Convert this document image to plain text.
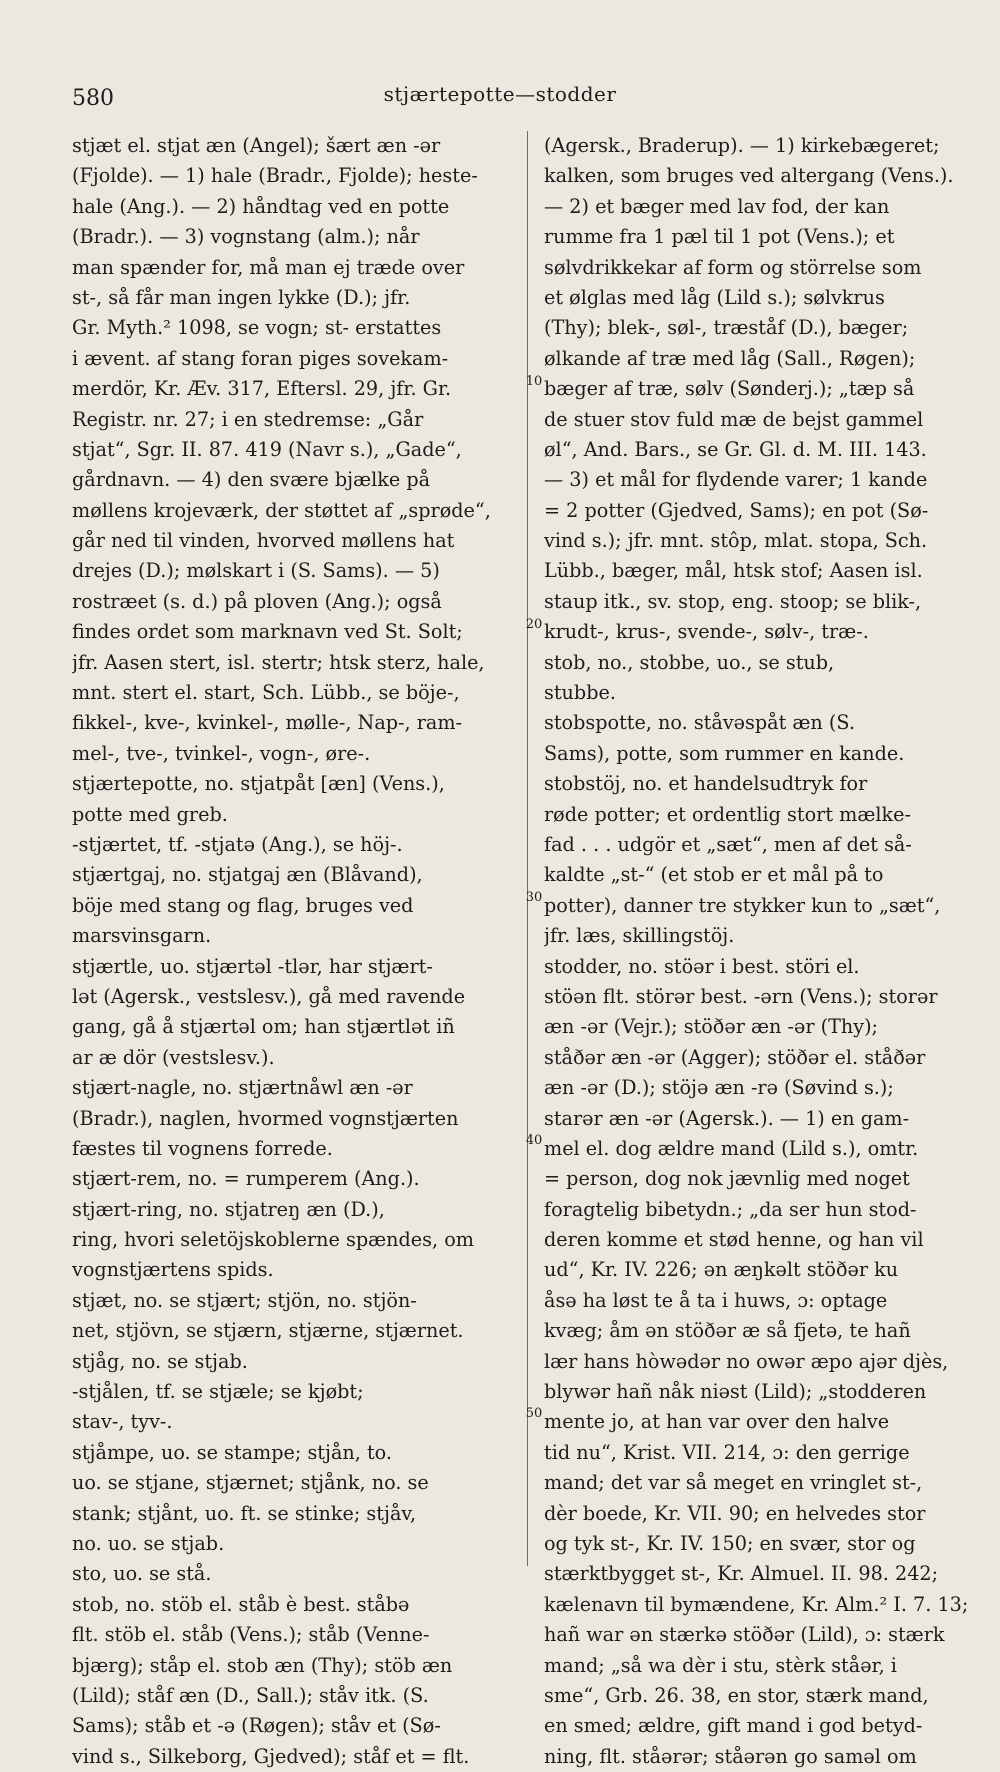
580	stjærtepotte—stodder
stjæt el. stjat æn (Angel); šært æn -ər
(Fjolde). — 1) hale (Bradr., Fjolde); heste-
hale (Ang.). — 2) håndtag ved en potte
(Bradr.). — 3) vognstang (alm.); når
man spænder for, må man ej træde over
st-, så får man ingen lykke (D.); jfr.
Gr. Myth.² 1098, se vogn; st- erstattes
i ævent. af stang foran piges sovekam-
merdör, Kr. Æv. 317, Eftersl. 29, jfr. Gr.
Registr. nr. 27; i en stedremse: „Går
stjat“, Sgr. II. 87. 419 (Navr s.), „Gade“,
gårdnavn. — 4) den svære bjælke på
møllens krojeværk, der støttet af „sprøde“,
går ned til vinden, hvorved møllens hat
drejes (D.); mølskart i (S. Sams). — 5)
rostræet (s. d.) på ploven (Ang.); også
findes ordet som marknavn ved St. Solt;
jfr. Aasen stert, isl. stertr; htsk sterz, hale,
mnt. stert el. start, Sch. Lübb., se böje-,
fikkel-, kve-, kvinkel-, mølle-, Nap-, ram-
mel-, tve-, tvinkel-, vogn-, øre-.
stjærtepotte, no. stjatpåt [æn] (Vens.),
potte med greb.
-stjærtet, tf. -stjatə (Ang.), se höj-.
stjærtgaj, no. stjatgaj æn (Blåvand),
böje med stang og flag, bruges ved
marsvinsgarn.
stjærtle, uo. stjærtəl -tlər, har stjært-
lət (Agersk., vestslesv.), gå med ravende
gang, gå å stjærtəl om; han stjærtlət iñ
ar æ dör (vestslesv.).
stjært-nagle, no. stjærtnåwl æn -ər
(Bradr.), naglen, hvormed vognstjærten
fæstes til vognens forrede.
stjært-rem, no. = rumperem (Ang.).
stjært-ring, no. stjatreŋ æn (D.),
ring, hvori seletöjskoblerne spændes, om
vognstjærtens spids.
stjæt, no. se stjært; stjön, no. stjön-
net, stjövn, se stjærn, stjærne, stjærnet.
stjåg, no. se stjab.
-stjålen, tf. se stjæle; se kjøbt;
stav-, tyv-.
stjåmpe, uo. se stampe; stjån, to.
uo. se stjane, stjærnet; stjånk, no. se
stank; stjånt, uo. ft. se stinke; stjåv,
no. uo. se stjab.
sto, uo. se stå.
stob, no. stöb el. ståb è best. ståbə
flt. stöb el. ståb (Vens.); ståb (Venne-
bjærg); ståp el. stob æn (Thy); stöb æn
(Lild); ståf æn (D., Sall.); ståv itk. (S.
Sams); ståb et -ə (Røgen); ståv et (Sø-
vind s., Silkeborg, Gjedved); ståf et = flt.
(Agersk., Braderup). — 1) kirkebægeret;
kalken, som bruges ved altergang (Vens.).
— 2) et bæger med lav fod, der kan
rumme fra 1 pæl til 1 pot (Vens.); et
sølvdrikkekar af form og störrelse som
et ølglas med låg (Lild s.); sølvkrus
(Thy); blek-, søl-, træståf (D.), bæger;
ølkande af træ med låg (Sall., Røgen);
bæger af træ, sølv (Sønderj.); „tæp så
de stuer stov fuld mæ de bejst gammel
øl“, And. Bars., se Gr. Gl. d. M. III. 143.
— 3) et mål for flydende varer; 1 kande
= 2 potter (Gjedved, Sams); en pot (Sø-
vind s.); jfr. mnt. stôp, mlat. stopa, Sch.
Lübb., bæger, mål, htsk stof; Aasen isl.
staup itk., sv. stop, eng. stoop; se blik-,
krudt-, krus-, svende-, sølv-, træ-.
stob, no., stobbe, uo., se stub,
stubbe.
stobspotte, no. ståvəspåt æn (S.
Sams), potte, som rummer en kande.
stobstöj, no. et handelsudtryk for
røde potter; et ordentlig stort mælke-
fad . . . udgör et „sæt“, men af det så-
kaldte „st-“ (et stob er et mål på to
potter), danner tre stykker kun to „sæt“,
jfr. læs, skillingstöj.
stodder, no. stöər i best. störi el.
stöən flt. störər best. -ərn (Vens.); storər
æn -ər (Vejr.); stöðər æn -ər (Thy);
ståðər æn -ər (Agger); stöðər el. ståðər
æn -ər (D.); stöjə æn -rə (Søvind s.);
starər æn -ər (Agersk.). — 1) en gam-
mel el. dog ældre mand (Lild s.), omtr.
= person, dog nok jævnlig med noget
foragtelig bibetydn.; „da ser hun stod-
deren komme et stød henne, og han vil
ud“, Kr. IV. 226; ən æŋkəlt stöðər ku
åsə ha løst te å ta i huws, ɔ: optage
kvæg; åm ən stöðər æ så fjetə, te hañ
lær hans hòwədər no owər æpo ajər djès,
blywər hañ nåk niəst (Lild); „stodderen
mente jo, at han var over den halve
tid nu“, Krist. VII. 214, ɔ: den gerrige
mand; det var så meget en vringlet st-,
dèr boede, Kr. VII. 90; en helvedes stor
og tyk st-, Kr. IV. 150; en svær, stor og
stærktbygget st-, Kr. Almuel. II. 98. 242;
kælenavn til bymændene, Kr. Alm.² I. 7. 13;
hañ war ən stærkə stöðər (Lild), ɔ: stærk
mand; „så wa dèr i stu, stèrk ståər, i
sme“, Grb. 26. 38, en stor, stærk mand,
en smed; ældre, gift mand i god betyd-
ning, flt. ståərər; ståərən go saməl om
10
20
30
40
50
